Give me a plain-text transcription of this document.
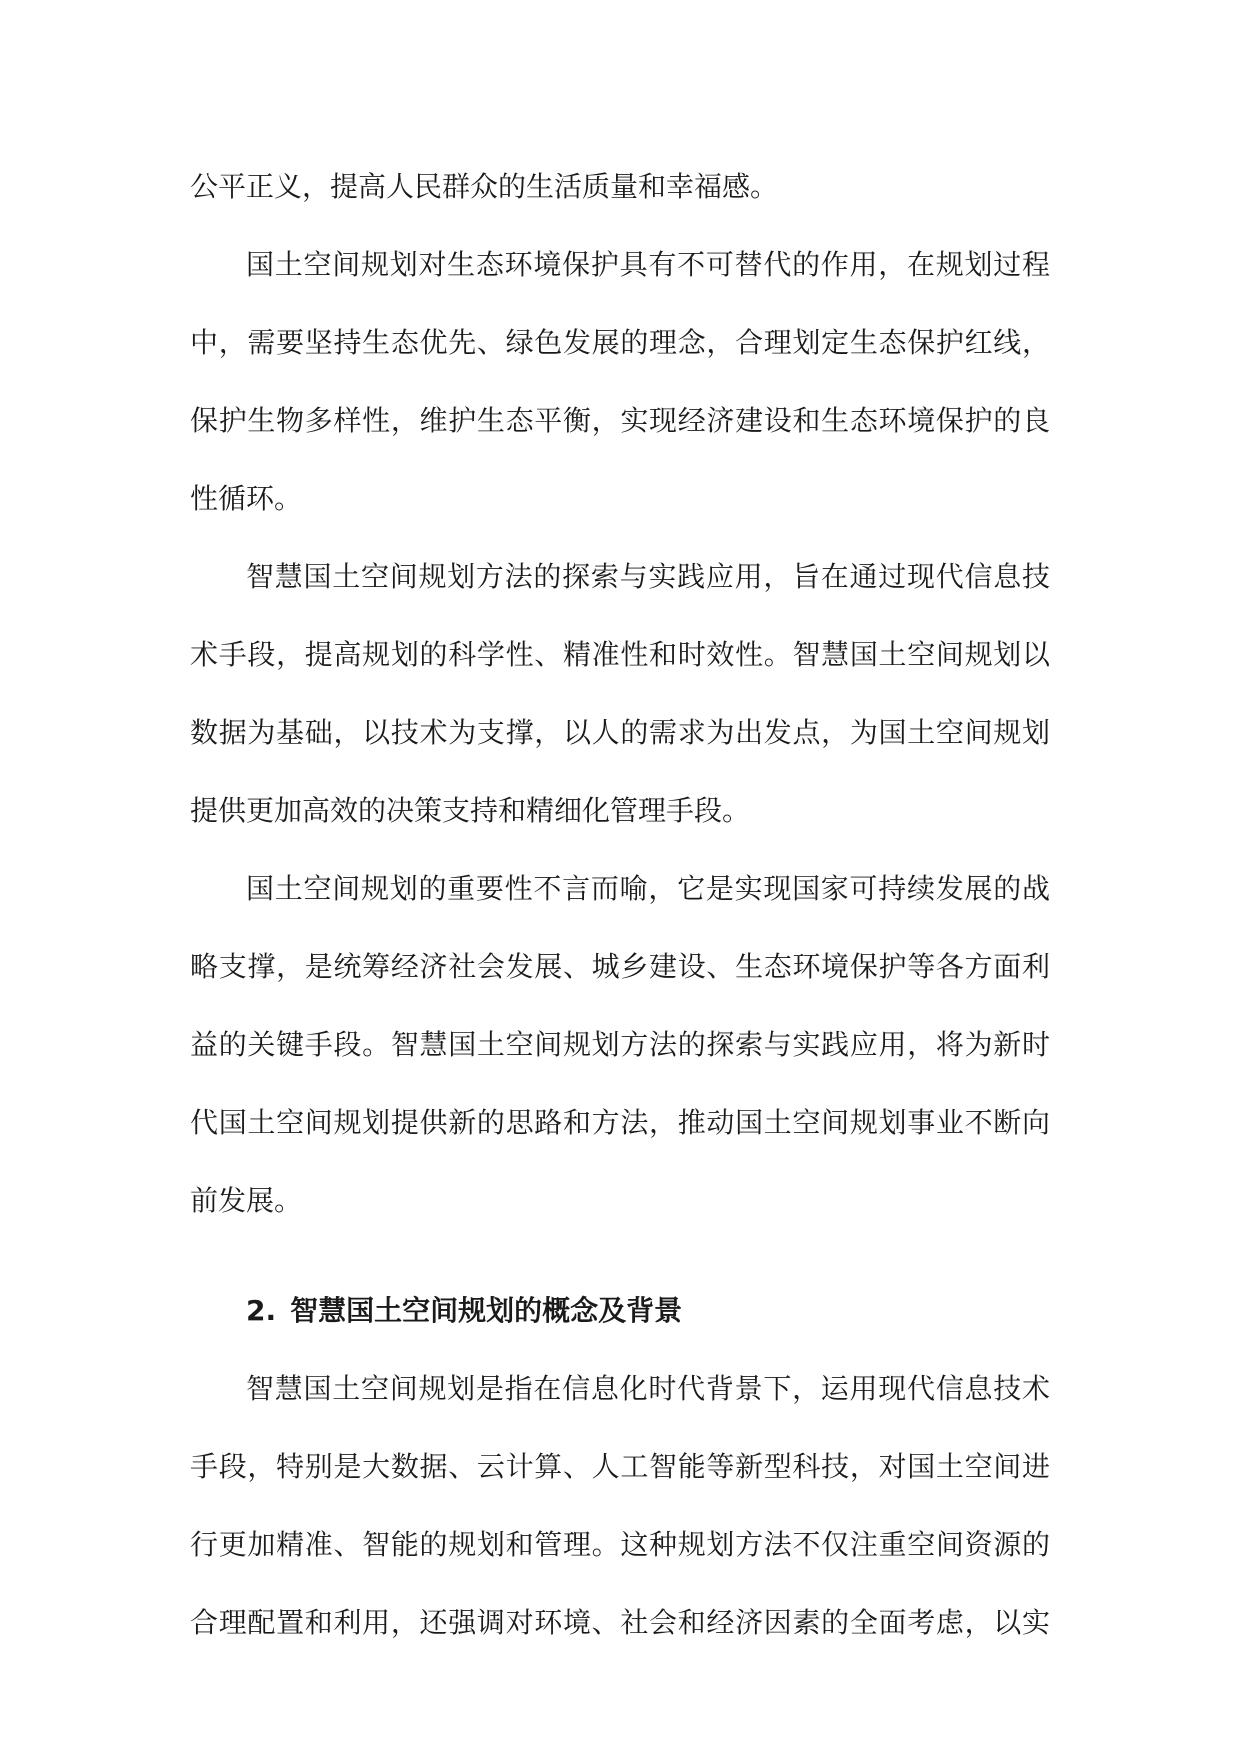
公平正义，提高人民群众的生活质量和幸福感。
国土空间规划对生态环境保护具有不可替代的作用，在规划过程
中，需要坚持生态优先、绿色发展的理念，合理划定生态保护红线，
保护生物多样性，维护生态平衡，实现经济建设和生态环境保护的良
性循环。
智慧国土空间规划方法的探索与实践应用，旨在通过现代信息技
术手段，提高规划的科学性、精准性和时效性。智慧国土空间规划以
数据为基础，以技术为支撑，以人的需求为出发点，为国土空间规划
提供更加高效的决策支持和精细化管理手段。
国土空间规划的重要性不言而喻，它是实现国家可持续发展的战
略支撑，是统筹经济社会发展、城乡建设、生态环境保护等各方面利
益的关键手段。智慧国土空间规划方法的探索与实践应用，将为新时
代国土空间规划提供新的思路和方法，推动国土空间规划事业不断向
前发展。
2. 智慧国土空间规划的概念及背景
智慧国土空间规划是指在信息化时代背景下，运用现代信息技术
手段，特别是大数据、云计算、人工智能等新型科技，对国土空间进
行更加精准、智能的规划和管理。这种规划方法不仅注重空间资源的
合理配置和利用，还强调对环境、社会和经济因素的全面考虑，以实
